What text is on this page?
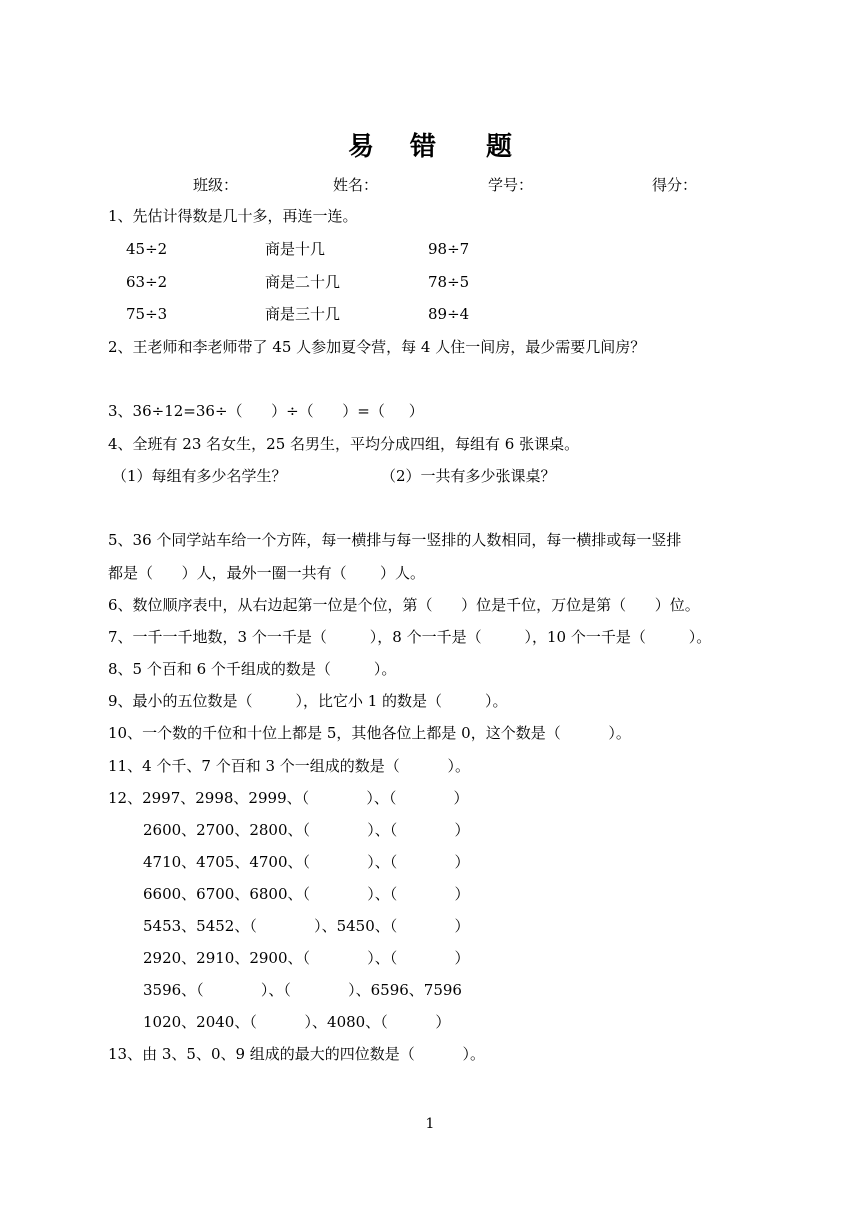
易 错 题
班级：	姓名：	学号：	得分：
1、先估计得数是几十多，再连一连。
45÷2	商是十几	98÷7
63÷2	商是二十几	78÷5
75÷3	商是三十几	89÷4
2、王老师和李老师带了 45 人参加夏令营，每 4 人住一间房，最少需要几间房？
3、36÷12=36÷（      ）÷（      ）=（     ）
4、全班有 23 名女生，25 名男生，平均分成四组，每组有 6 张课桌。
（1）每组有多少名学生？	（2）一共有多少张课桌？
5、36 个同学站车给一个方阵，每一横排与每一竖排的人数相同，每一横排或每一竖排
都是（      ）人，最外一圈一共有（       ）人。
6、数位顺序表中，从右边起第一位是个位，第（      ）位是千位，万位是第（      ）位。
7、一千一千地数，3 个一千是（         ），8 个一千是（         ），10 个一千是（         ）。
8、5 个百和 6 个千组成的数是（         ）。
9、最小的五位数是（         ），比它小 1 的数是（         ）。
10、一个数的千位和十位上都是 5，其他各位上都是 0，这个数是（          ）。
11、4 个千、7 个百和 3 个一组成的数是（          ）。
12、2997、2998、2999、（            ）、（            ）
2600、2700、2800、（            ）、（            ）
4710、4705、4700、（            ）、（            ）
6600、6700、6800、（            ）、（            ）
5453、5452、（            ）、5450、（            ）
2920、2910、2900、（            ）、（            ）
3596、（            ）、（            ）、6596、7596
1020、2040、（          ）、4080、（          ）
13、由 3、5、0、9 组成的最大的四位数是（          ）。
1
